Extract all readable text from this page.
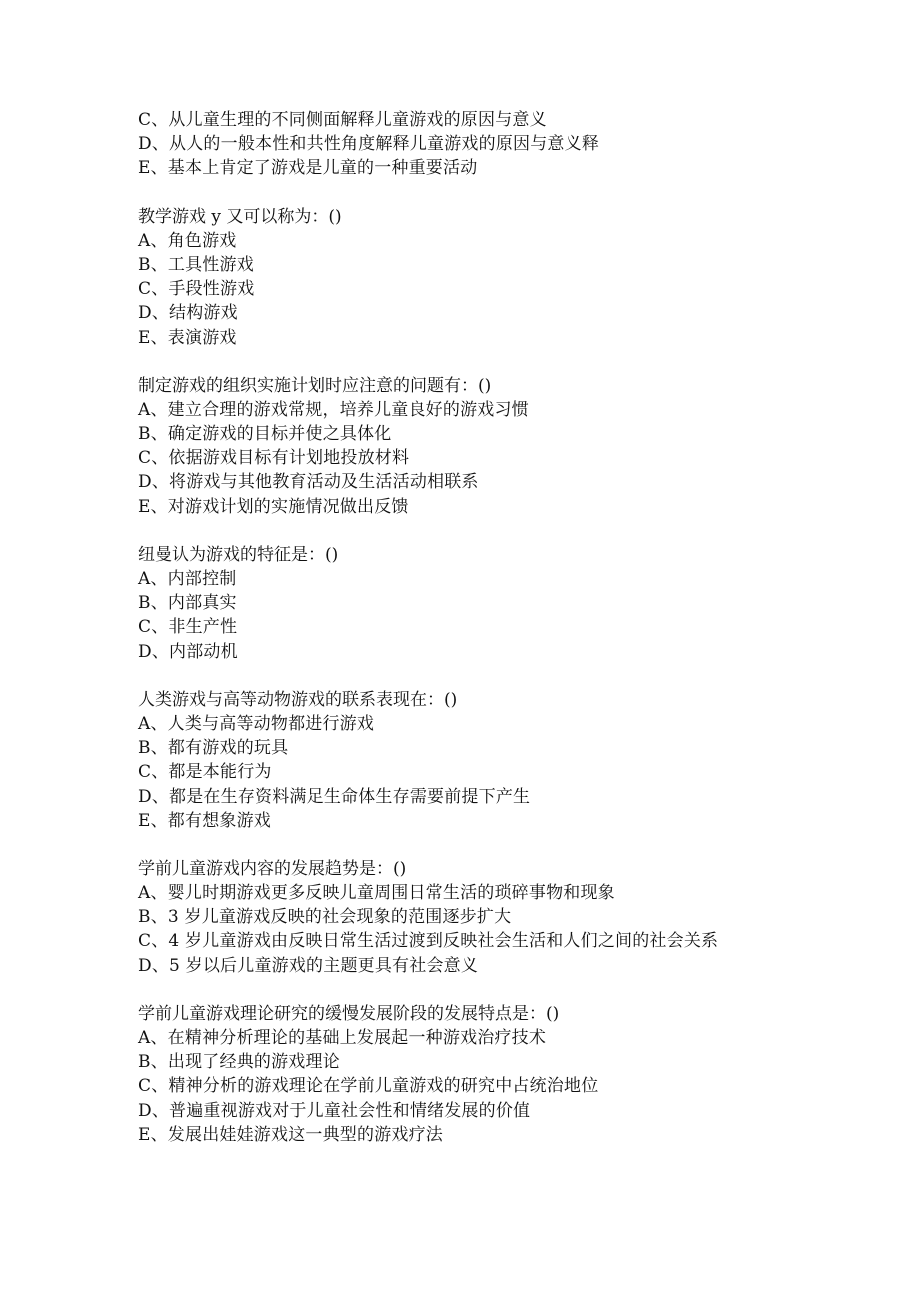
C、从儿童生理的不同侧面解释儿童游戏的原因与意义
D、从人的一般本性和共性角度解释儿童游戏的原因与意义释
E、基本上肯定了游戏是儿童的一种重要活动
教学游戏 y 又可以称为：()
A、角色游戏
B、工具性游戏
C、手段性游戏
D、结构游戏
E、表演游戏
制定游戏的组织实施计划时应注意的问题有：()
A、建立合理的游戏常规，培养儿童良好的游戏习惯
B、确定游戏的目标并使之具体化
C、依据游戏目标有计划地投放材料
D、将游戏与其他教育活动及生活活动相联系
E、对游戏计划的实施情况做出反馈
纽曼认为游戏的特征是：()
A、内部控制
B、内部真实
C、非生产性
D、内部动机
人类游戏与高等动物游戏的联系表现在：()
A、人类与高等动物都进行游戏
B、都有游戏的玩具
C、都是本能行为
D、都是在生存资料满足生命体生存需要前提下产生
E、都有想象游戏
学前儿童游戏内容的发展趋势是：()
A、婴儿时期游戏更多反映儿童周围日常生活的琐碎事物和现象
B、3 岁儿童游戏反映的社会现象的范围逐步扩大
C、4 岁儿童游戏由反映日常生活过渡到反映社会生活和人们之间的社会关系
D、5 岁以后儿童游戏的主题更具有社会意义
学前儿童游戏理论研究的缓慢发展阶段的发展特点是：()
A、在精神分析理论的基础上发展起一种游戏治疗技术
B、出现了经典的游戏理论
C、精神分析的游戏理论在学前儿童游戏的研究中占统治地位
D、普遍重视游戏对于儿童社会性和情绪发展的价值
E、发展出娃娃游戏这一典型的游戏疗法
